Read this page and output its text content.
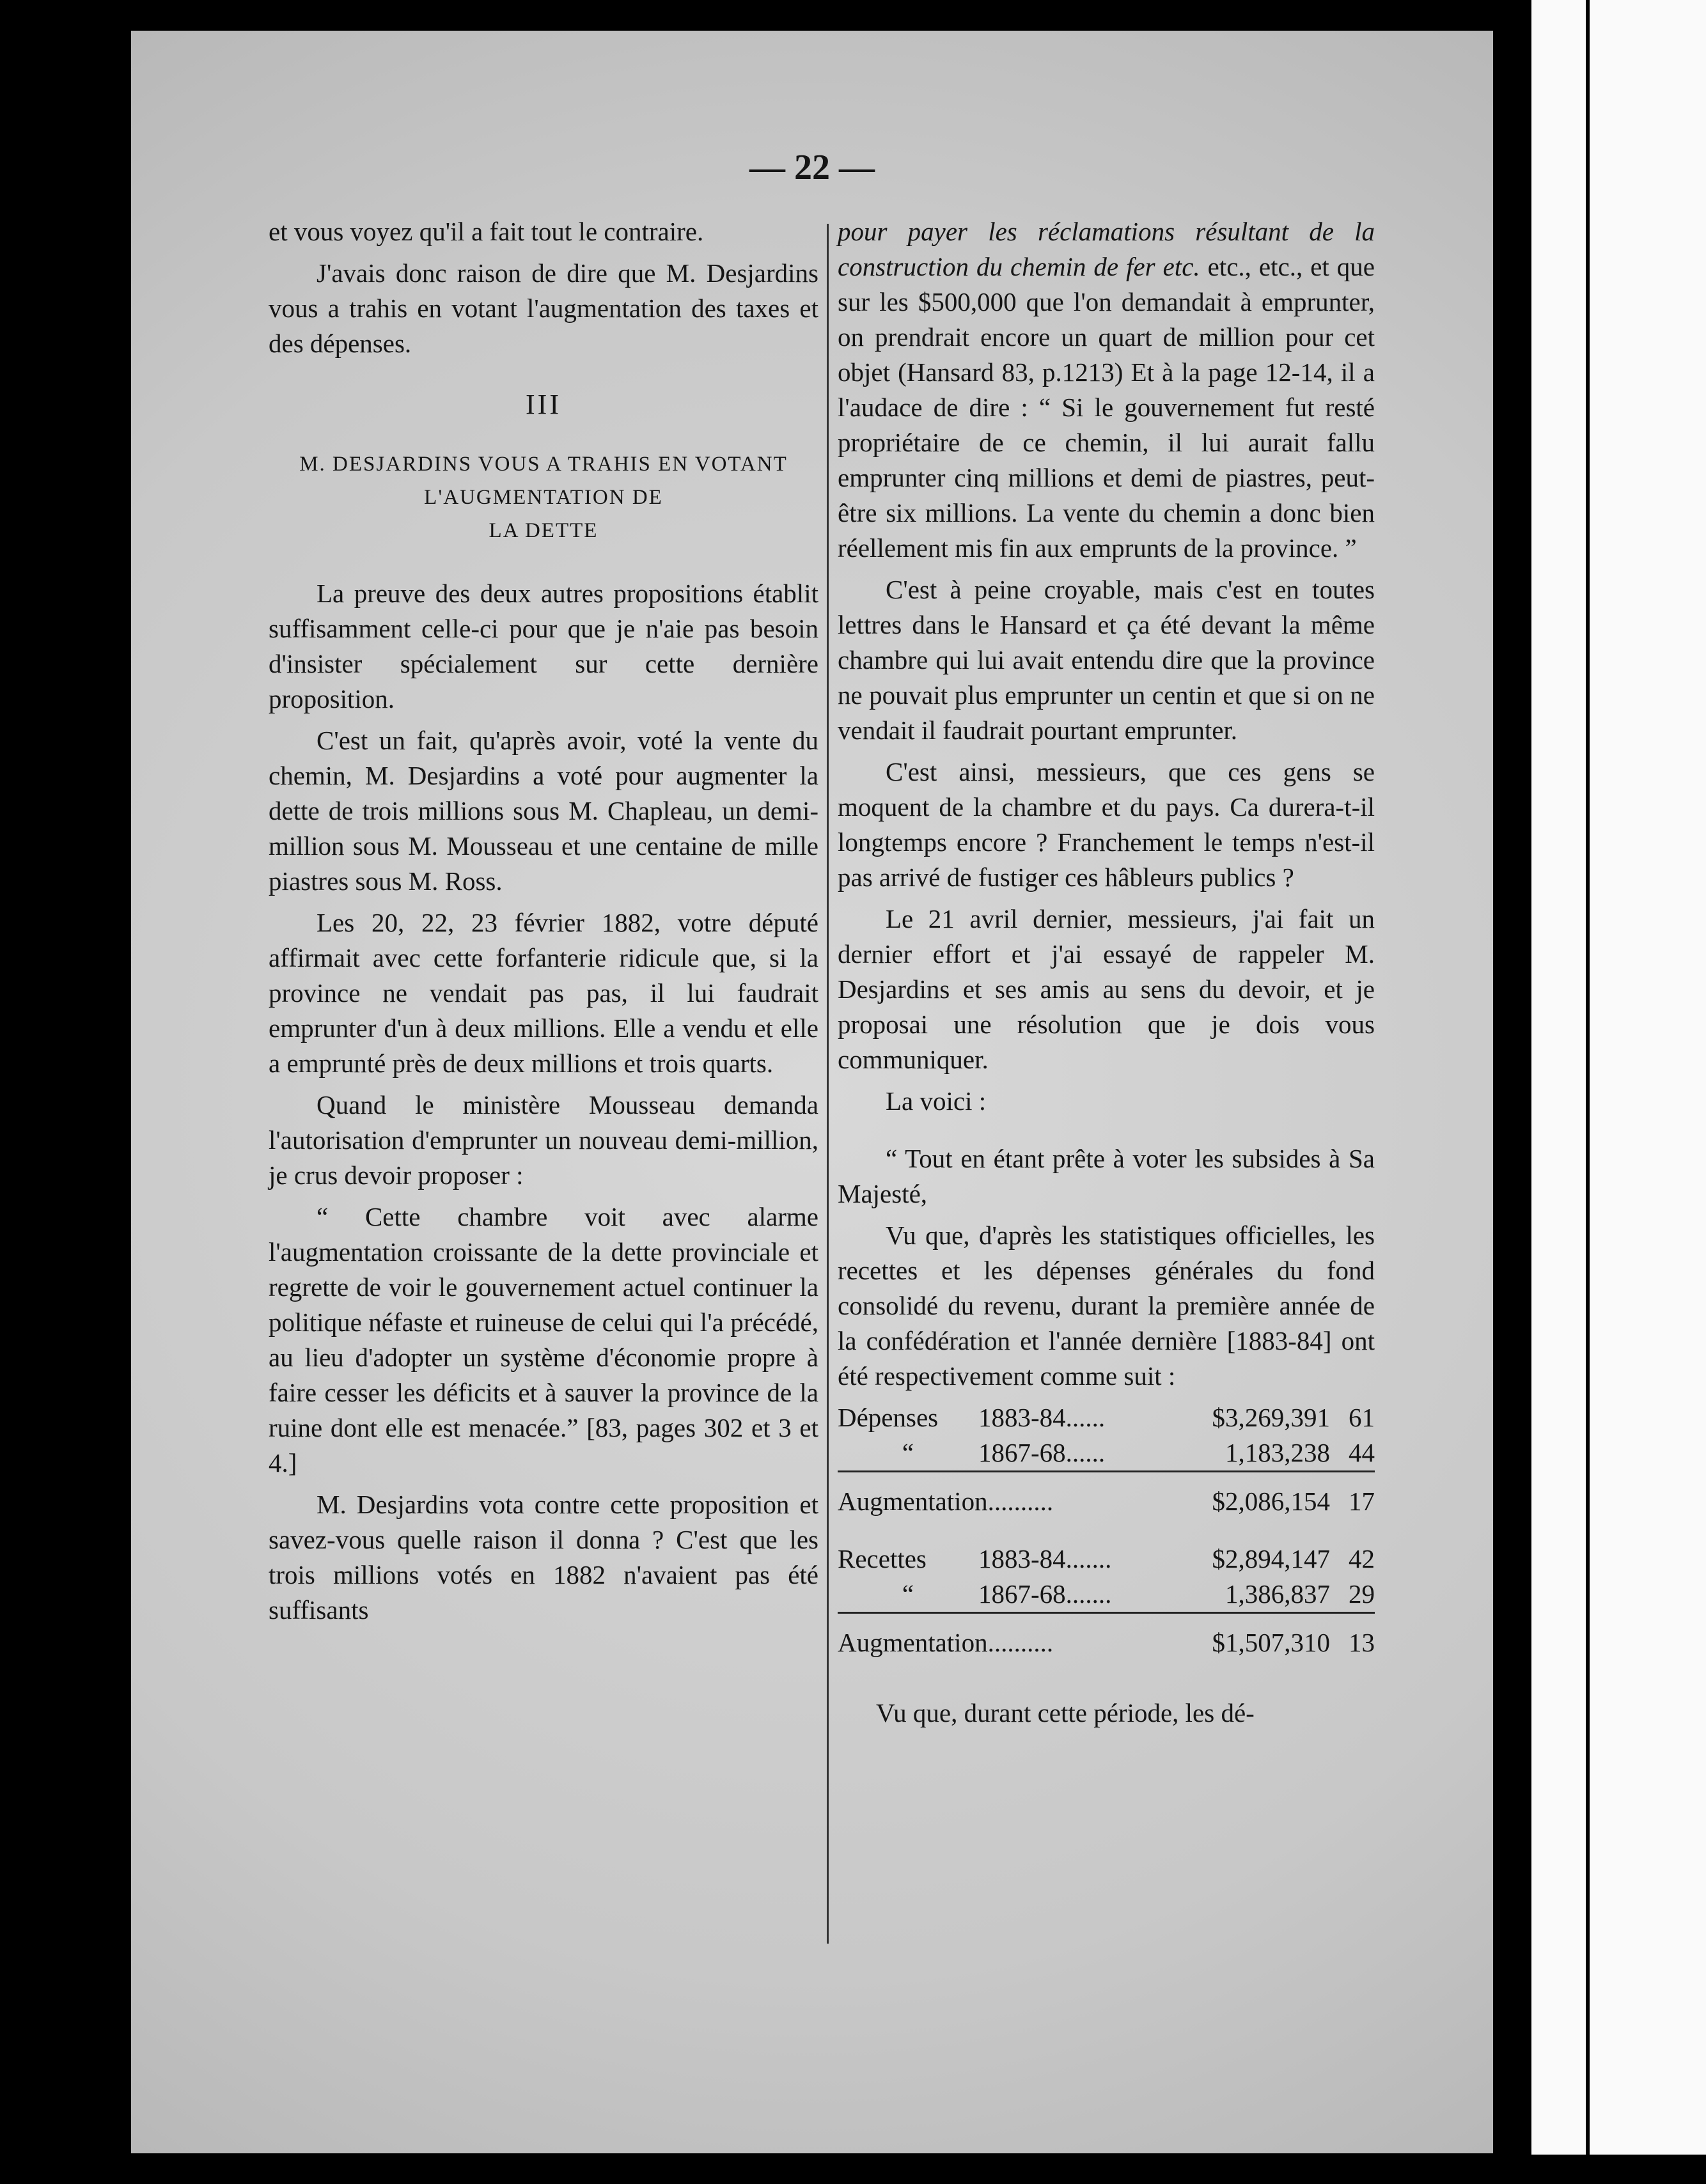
— 22 —

et vous voyez qu'il a fait tout le contraire.

J'avais donc raison de dire que M. Desjardins vous a trahis en votant l'augmentation des taxes et des dépenses.

III
M. DESJARDINS VOUS A TRAHIS EN VOTANT L'AUGMENTATION DE
LA DETTE

La preuve des deux autres propositions établit suffisamment celle-ci pour que je n'aie pas besoin d'insister spécialement sur cette dernière proposition.

C'est un fait, qu'après avoir, voté la vente du chemin, M. Desjardins a voté pour augmenter la dette de trois millions sous M. Chapleau, un demi-million sous M. Mousseau et une centaine de mille piastres sous M. Ross.

Les 20, 22, 23 février 1882, votre député affirmait avec cette forfanterie ridicule que, si la province ne vendait pas pas, il lui faudrait emprunter d'un à deux millions. Elle a vendu et elle a emprunté près de deux millions et trois quarts.

Quand le ministère Mousseau demanda l'autorisation d'emprunter un nouveau demi-million, je crus devoir proposer :

“ Cette chambre voit avec alarme l'augmentation croissante de la dette provinciale et regrette de voir le gouvernement actuel continuer la politique néfaste et ruineuse de celui qui l'a précédé, au lieu d'adopter un système d'économie propre à faire cesser les déficits et à sauver la province de la ruine dont elle est menacée.” [83, pages 302 et 3 et 4.]

M. Desjardins vota contre cette proposition et savez-vous quelle raison il donna ? C'est que les trois millions votés en 1882 n'avaient pas été suffisants

pour payer les réclamations résultant de la construction du chemin de fer etc. etc., etc., et que sur les $500,000 que l'on demandait à emprunter, on prendrait encore un quart de million pour cet objet (Hansard 83, p.1213) Et à la page 12-14, il a l'audace de dire : “ Si le gouvernement fut resté propriétaire de ce chemin, il lui aurait fallu emprunter cinq millions et demi de piastres, peut-être six millions. La vente du chemin a donc bien réellement mis fin aux emprunts de la province. ”

C'est à peine croyable, mais c'est en toutes lettres dans le Hansard et ça été devant la même chambre qui lui avait entendu dire que la province ne pouvait plus emprunter un centin et que si on ne vendait il faudrait pourtant emprunter.

C'est ainsi, messieurs, que ces gens se moquent de la chambre et du pays. Ca durera-t-il longtemps encore ? Franchement le temps n'est-il pas arrivé de fustiger ces hâbleurs publics ?

Le 21 avril dernier, messieurs, j'ai fait un dernier effort et j'ai essayé de rappeler M. Desjardins et ses amis au sens du devoir, et je proposai une résolution que je dois vous communiquer.

La voici :

“ Tout en étant prête à voter les subsides à Sa Majesté,

Vu que, d'après les statistiques officielles, les recettes et les dépenses générales du fond consolidé du revenu, durant la première année de la confédération et l'année dernière [1883-84] ont été respectivement comme suit :

Dépenses	1883-84......	$3,269,391	61
“	1867-68......	1,183,238	44

Augmentation..........		$2,086,154	17
Recettes	1883-84.......	$2,894,147	42
“	1867-68.......	1,386,837	29

Augmentation..........		$1,507,310	13

Vu que, durant cette période, les dé-
